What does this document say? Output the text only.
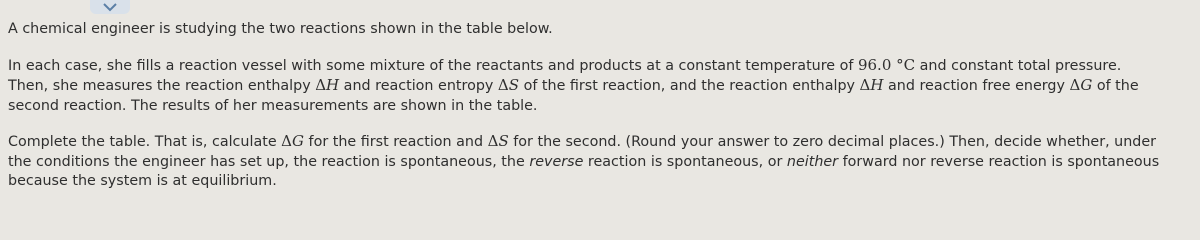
A chemical engineer is studying the two reactions shown in the table below.

In each case, she fills a reaction vessel with some mixture of the reactants and products at a constant temperature of 96.0 °C and constant total pressure.
Then, she measures the reaction enthalpy ΔH and reaction entropy ΔS of the first reaction, and the reaction enthalpy ΔH and reaction free energy ΔG of the
second reaction. The results of her measurements are shown in the table.

Complete the table. That is, calculate ΔG for the first reaction and ΔS for the second. (Round your answer to zero decimal places.) Then, decide whether, under
the conditions the engineer has set up, the reaction is spontaneous, the reverse reaction is spontaneous, or neither forward nor reverse reaction is spontaneous
because the system is at equilibrium.
